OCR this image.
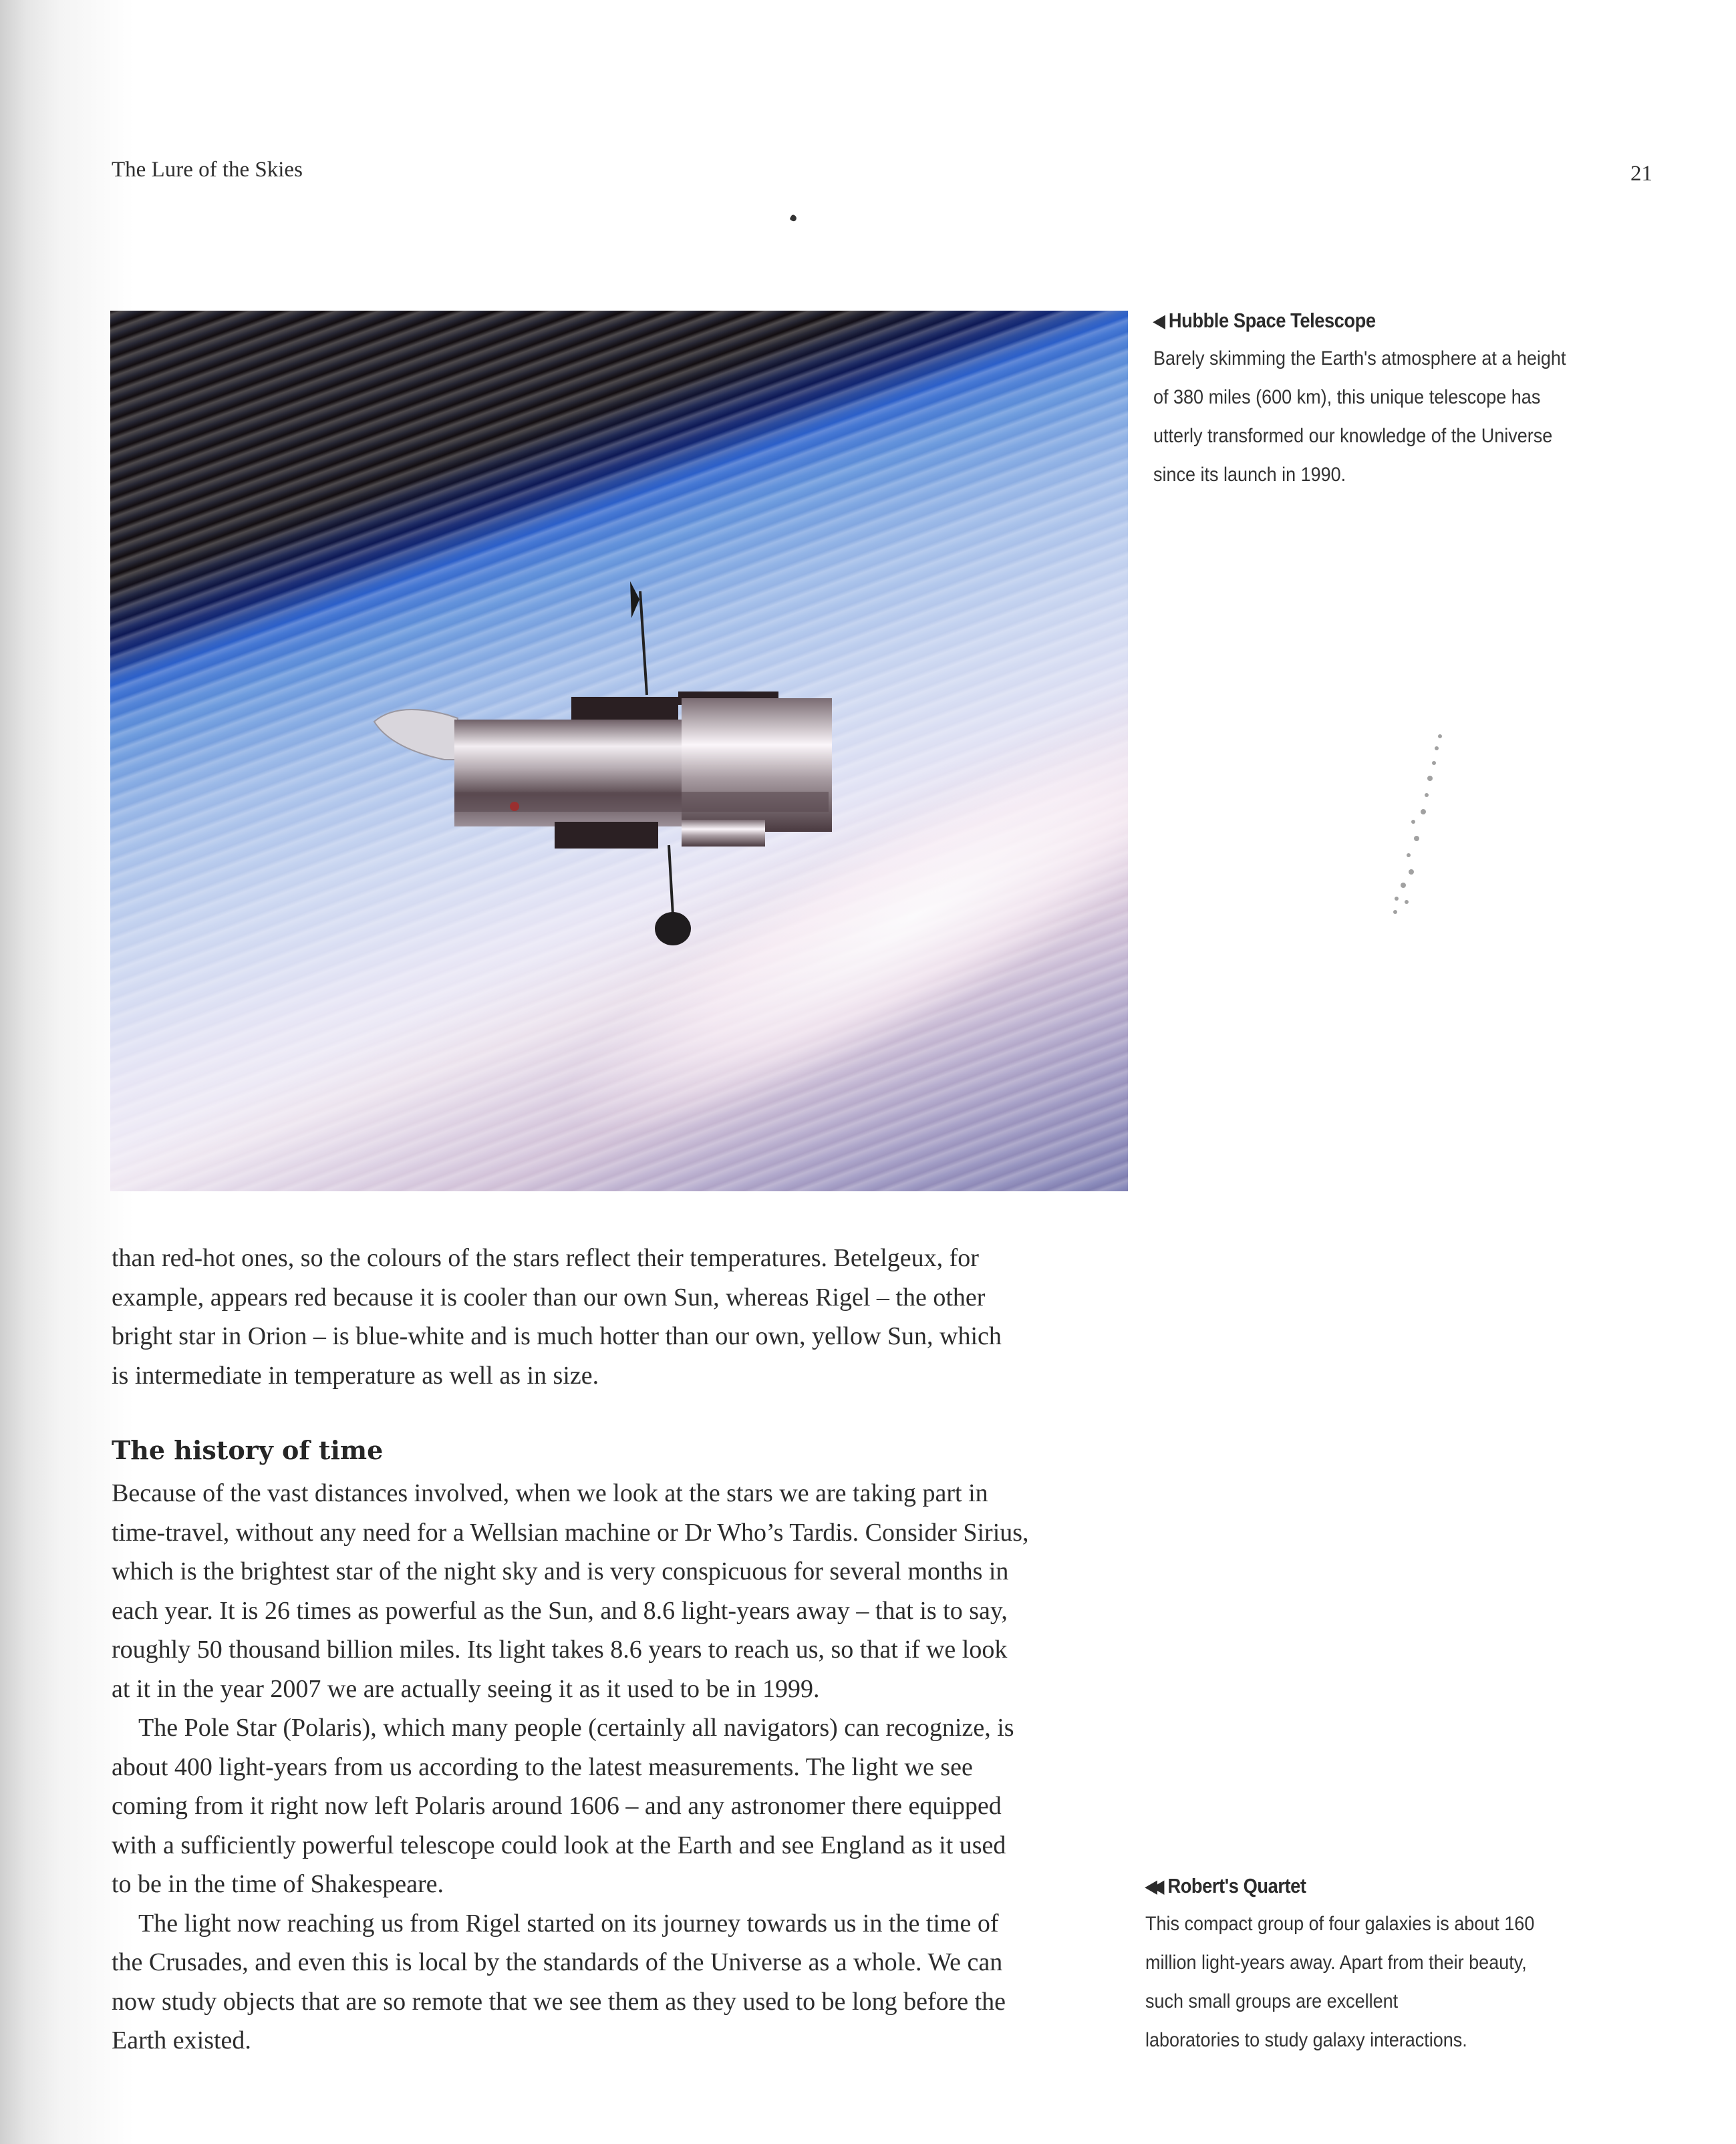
The Lure of the Skies	21
◀ Hubble Space Telescope
Barely skimming the Earth's atmosphere at a height
of 380 miles (600 km), this unique telescope has
utterly transformed our knowledge of the Universe
since its launch in 1990.

than red-hot ones, so the colours of the stars reflect their temperatures. Betelgeux, for
example, appears red because it is cooler than our own Sun, whereas Rigel – the other
bright star in Orion – is blue-white and is much hotter than our own, yellow Sun, which
is intermediate in temperature as well as in size.

The history of time

Because of the vast distances involved, when we look at the stars we are taking part in
time-travel, without any need for a Wellsian machine or Dr Who’s Tardis. Consider Sirius,
which is the brightest star of the night sky and is very conspicuous for several months in
each year. It is 26 times as powerful as the Sun, and 8.6 light-years away – that is to say,
roughly 50 thousand billion miles. Its light takes 8.6 years to reach us, so that if we look
at it in the year 2007 we are actually seeing it as it used to be in 1999.

The Pole Star (Polaris), which many people (certainly all navigators) can recognize, is
about 400 light-years from us according to the latest measurements. The light we see
coming from it right now left Polaris around 1606 – and any astronomer there equipped
with a sufficiently powerful telescope could look at the Earth and see England as it used
to be in the time of Shakespeare.

The light now reaching us from Rigel started on its journey towards us in the time of
the Crusades, and even this is local by the standards of the Universe as a whole. We can
now study objects that are so remote that we see them as they used to be long before the
Earth existed.

◀◀ Robert's Quartet
This compact group of four galaxies is about 160
million light-years away. Apart from their beauty,
such small groups are excellent
laboratories to study galaxy interactions.
